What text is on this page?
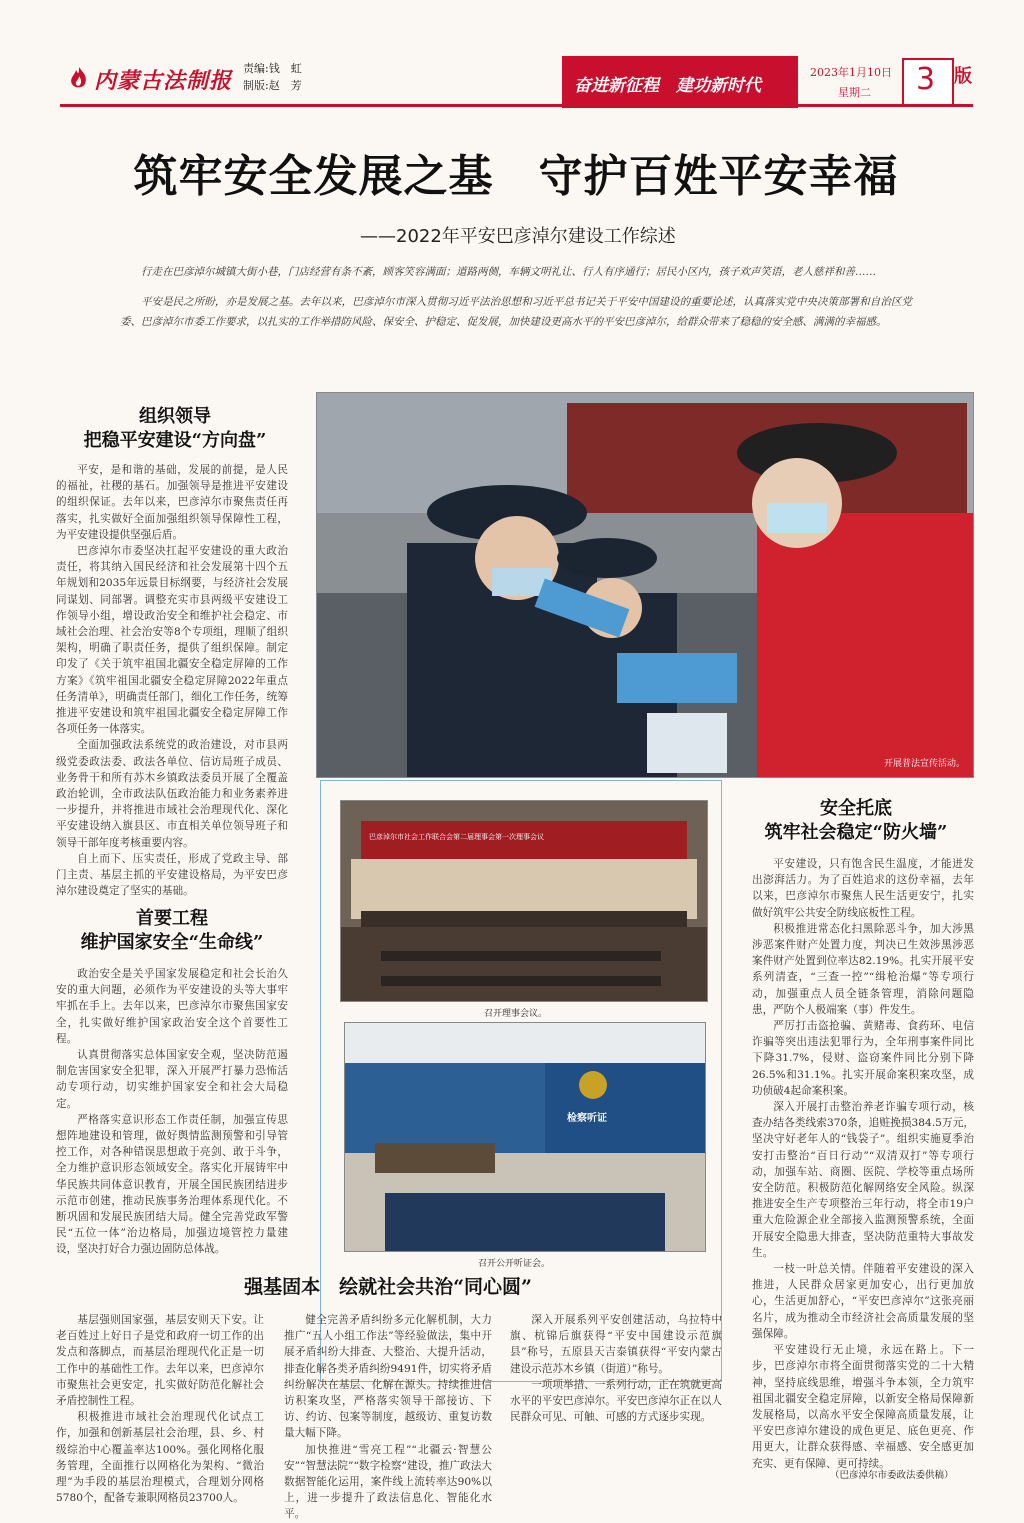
内蒙古法制报 责编:钱　虹
制版:赵　芳	奋进新征程　建功新时代
2023年1月10日
星期二 3 版
筑牢安全发展之基　守护百姓平安幸福
——2022年平安巴彦淖尔建设工作综述

行走在巴彦淖尔城镇大街小巷，门店经营有条不紊，顾客笑容满面；道路两侧，车辆文明礼让、行人有序通行；居民小区内，孩子欢声笑语，老人慈祥和善……

平安是民之所盼，亦是发展之基。去年以来，巴彦淖尔市深入贯彻习近平法治思想和习近平总书记关于平安中国建设的重要论述，认真落实党中央决策部署和自治区党委、巴彦淖尔市委工作要求，以扎实的工作举措防风险、保安全、护稳定、促发展，加快建设更高水平的平安巴彦淖尔，给群众带来了稳稳的安全感、满满的幸福感。

组织领导
把稳平安建设“方向盘”

平安，是和谐的基础，发展的前提，是人民的福祉，社稷的基石。加强领导是推进平安建设的组织保证。去年以来，巴彦淖尔市聚焦责任再落实，扎实做好全面加强组织领导保障性工程，为平安建设提供坚强后盾。

巴彦淖尔市委坚决扛起平安建设的重大政治责任，将其纳入国民经济和社会发展第十四个五年规划和2035年远景目标纲要，与经济社会发展同谋划、同部署。调整充实市县两级平安建设工作领导小组，增设政治安全和维护社会稳定、市域社会治理、社会治安等8个专项组，理顺了组织架构，明确了职责任务，提供了组织保障。制定印发了《关于筑牢祖国北疆安全稳定屏障的工作方案》《筑牢祖国北疆安全稳定屏障2022年重点任务清单》，明确责任部门，细化工作任务，统筹推进平安建设和筑牢祖国北疆安全稳定屏障工作各项任务一体落实。

全面加强政法系统党的政治建设，对市县两级党委政法委、政法各单位、信访局班子成员、业务骨干和所有苏木乡镇政法委员开展了全覆盖政治轮训，全市政法队伍政治能力和业务素养进一步提升，并将推进市域社会治理现代化、深化平安建设纳入旗县区、市直相关单位领导班子和领导干部年度考核重要内容。

自上而下、压实责任，形成了党政主导、部门主责、基层主抓的平安建设格局，为平安巴彦淖尔建设奠定了坚实的基础。

首要工程
维护国家安全“生命线”

政治安全是关乎国家发展稳定和社会长治久安的重大问题，必须作为平安建设的头等大事牢牢抓在手上。去年以来，巴彦淖尔市聚焦国家安全，扎实做好维护国家政治安全这个首要性工程。

认真贯彻落实总体国家安全观，坚决防范遏制危害国家安全犯罪，深入开展严打暴力恐怖活动专项行动，切实维护国家安全和社会大局稳定。

严格落实意识形态工作责任制，加强宣传思想阵地建设和管理，做好舆情监测预警和引导管控工作，对各种错误思想敢于亮剑、敢于斗争，全力维护意识形态领域安全。落实化开展铸牢中华民族共同体意识教育，开展全国民族团结进步示范市创建，推动民族事务治理体系现代化。不断巩固和发展民族团结大局。健全完善党政军警民“五位一体”治边格局，加强边境管控力量建设，坚决打好合力强边固防总体战。

开展普法宣传活动。
巴彦淖尔市社会工作联合会第二届理事会第一次理事会议
召开理事会议。
检察听证
召开公开听证会。
安全托底
筑牢社会稳定“防火墙”

平安建设，只有饱含民生温度，才能迸发出澎湃活力。为了百姓追求的这份幸福，去年以来，巴彦淖尔市聚焦人民生活更安宁，扎实做好筑牢公共安全防线底板性工程。

积极推进常态化扫黑除恶斗争，加大涉黑涉恶案件财产处置力度，判决已生效涉黑涉恶案件财产处置到位率达82.19%。扎实开展平安系列清查，“三查一控”“缉枪治爆”等专项行动，加强重点人员全链条管理，消除问题隐患，严防个人极端案（事）件发生。

严厉打击盗抢骗、黄赌毒、食药环、电信诈骗等突出违法犯罪行为，全年刑事案件同比下降31.7%，侵财、盗窃案件同比分别下降26.5%和31.1%。扎实开展命案积案攻坚，成功侦破4起命案积案。

深入开展打击整治养老诈骗专项行动，核查办结各类线索370条，追赃挽损384.5万元，坚决守好老年人的“钱袋子”。组织实施夏季治安打击整治“百日行动”“双清双打”等专项行动，加强车站、商圈、医院、学校等重点场所安全防范。积极防范化解网络安全风险。纵深推进安全生产专项整治三年行动，将全市19户重大危险源企业全部接入监测预警系统，全面开展安全隐患大排查，坚决防范重特大事故发生。

一枝一叶总关情。伴随着平安建设的深入推进，人民群众居家更加安心，出行更加放心，生活更加舒心，“平安巴彦淖尔”这张亮丽名片，成为推动全市经济社会高质量发展的坚强保障。

平安建设行无止境，永远在路上。下一步，巴彦淖尔市将全面贯彻落实党的二十大精神，坚持底线思维，增强斗争本领，全力筑牢祖国北疆安全稳定屏障，以新安全格局保障新发展格局，以高水平安全保障高质量发展，让平安巴彦淖尔建设的成色更足、底色更亮、作用更大，让群众获得感、幸福感、安全感更加充实、更有保障、更可持续。

（巴彦淖尔市委政法委供稿）
强基固本　绘就社会共治“同心圆”

基层强则国家强，基层安则天下安。让老百姓过上好日子是党和政府一切工作的出发点和落脚点，而基层治理现代化正是一切工作中的基础性工作。去年以来，巴彦淖尔市聚焦社会更安定，扎实做好防范化解社会矛盾控制性工程。

积极推进市域社会治理现代化试点工作，加强和创新基层社会治理，县、乡、村级综治中心覆盖率达100%。强化网格化服务管理，全面推行以网格化为架构、“微治理”为手段的基层治理模式，合理划分网格5780个，配备专兼职网格员23700人。

健全完善矛盾纠纷多元化解机制，大力推广“五人小组工作法”等经验做法，集中开展矛盾纠纷大排查、大整治、大提升活动，排查化解各类矛盾纠纷9491件，切实将矛盾纠纷解决在基层、化解在源头。持续推进信访积案攻坚，严格落实领导干部接访、下访、约访、包案等制度，越级访、重复访数量大幅下降。

加快推进“雪亮工程”“北疆云·智慧公安”“智慧法院”“数字检察”建设，推广政法大数据智能化运用，案件线上流转率达90%以上，进一步提升了政法信息化、智能化水平。

深入开展系列平安创建活动，乌拉特中旗、杭锦后旗获得“平安中国建设示范旗县”称号，五原县天吉泰镇获得“平安内蒙古建设示范苏木乡镇（街道）”称号。

一项项举措、一系列行动，正在筑就更高水平的平安巴彦淖尔。平安巴彦淖尔正在以人民群众可见、可触、可感的方式逐步实现。
